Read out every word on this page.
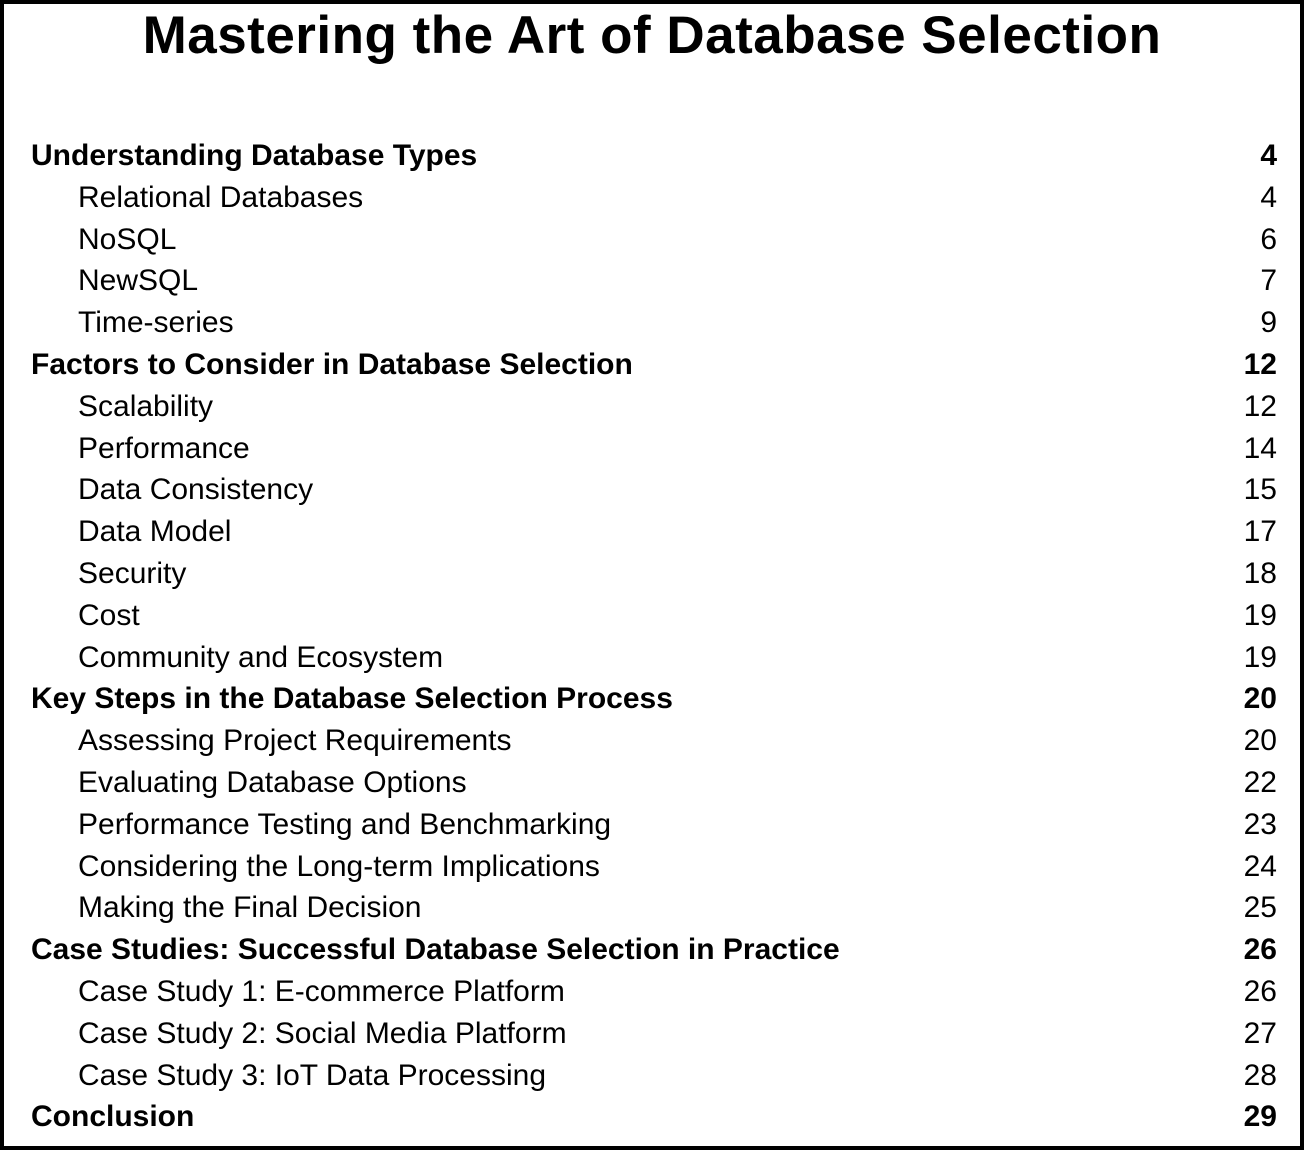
Mastering the Art of Database Selection
Understanding Database Types	4
Relational Databases	4
NoSQL	6
NewSQL	7
Time-series	9
Factors to Consider in Database Selection	12
Scalability	12
Performance	14
Data Consistency	15
Data Model	17
Security	18
Cost	19
Community and Ecosystem	19
Key Steps in the Database Selection Process	20
Assessing Project Requirements	20
Evaluating Database Options	22
Performance Testing and Benchmarking	23
Considering the Long-term Implications	24
Making the Final Decision	25
Case Studies: Successful Database Selection in Practice	26
Case Study 1: E-commerce Platform	26
Case Study 2: Social Media Platform	27
Case Study 3: IoT Data Processing	28
Conclusion	29
